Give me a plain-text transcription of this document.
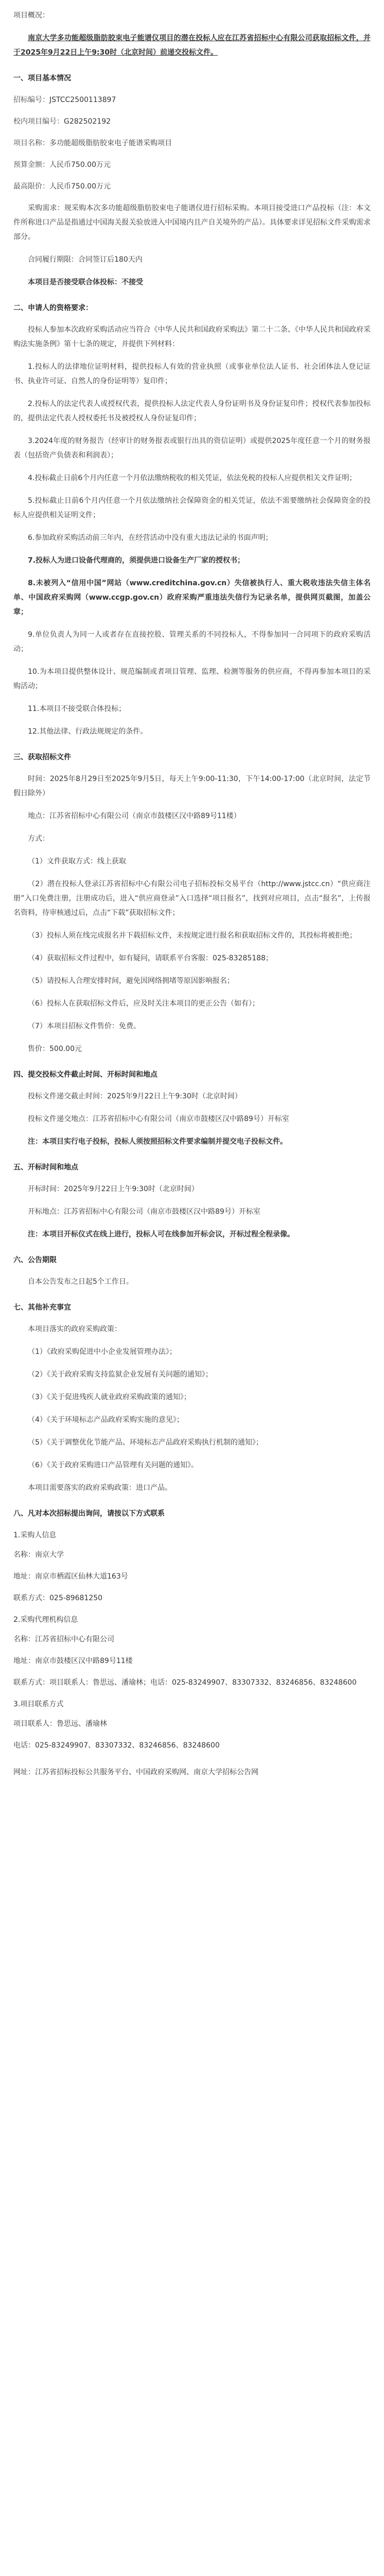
项目概况：
南京大学多功能超级脂肪胶束电子能谱仪项目的潜在投标人应在江苏省招标中心有限公司获取招标文件，并于2025年9月22日上午9:30时（北京时间）前递交投标文件。
一、项目基本情况
招标编号：JSTCC2500113897
校内项目编号：G282502192
项目名称：多功能超级脂肪胶束电子能谱采购项目
预算金额：人民币750.00万元
最高限价：人民币750.00万元
采购需求：规采购本次多功能超级脂肪胶束电子能谱仪进行招标采购。本项目接受进口产品投标（注：本文件所称进口产品是指通过中国海关报关验放进入中国境内且产自关境外的产品）。具体要求详见招标文件采购需求部分。
合同履行期限：合同签订后180天内
本项目是否接受联合体投标：不接受
二、申请人的资格要求：
投标人参加本次政府采购活动应当符合《中华人民共和国政府采购法》第二十二条、《中华人民共和国政府采购法实施条例》第十七条的规定，并提供下列材料：
1.投标人的法律地位证明材料，提供投标人有效的营业执照（或事业单位法人证书、社会团体法人登记证书、执业许可证、自然人的身份证明等）复印件；
2.投标人的法定代表人或授权代表，提供投标人法定代表人身份证明书及身份证复印件；授权代表参加投标的，提供法定代表人授权委托书及被授权人身份证复印件；
3.2024年度的财务报告（经审计的财务报表或银行出具的资信证明）或提供2025年度任意一个月的财务报表（包括资产负债表和利润表）；
4.投标截止日前6个月内任意一个月依法缴纳税收的相关凭证，依法免税的投标人应提供相关文件证明；
5.投标截止日前6个月内任意一个月依法缴纳社会保障资金的相关凭证，依法不需要缴纳社会保障资金的投标人应提供相关证明文件；
6.参加政府采购活动前三年内，在经营活动中没有重大违法记录的书面声明；
7.投标人为进口设备代理商的，须提供进口设备生产厂家的授权书；
8.未被列入“信用中国”网站（www.creditchina.gov.cn）失信被执行人、重大税收违法失信主体名单、中国政府采购网（www.ccgp.gov.cn）政府采购严重违法失信行为记录名单，提供网页截图，加盖公章；
9.单位负责人为同一人或者存在直接控股、管理关系的不同投标人，不得参加同一合同项下的政府采购活动；
10.为本项目提供整体设计、规范编制或者项目管理、监理、检测等服务的供应商，不得再参加本项目的采购活动；
11.本项目不接受联合体投标；
12.其他法律、行政法规规定的条件。
三、获取招标文件
时间：2025年8月29日至2025年9月5日，每天上午9:00-11:30，下午14:00-17:00（北京时间，法定节假日除外）
地点：江苏省招标中心有限公司（南京市鼓楼区汉中路89号11楼）
方式：
（1）文件获取方式：线上获取
（2）潜在投标人登录江苏省招标中心有限公司电子招标投标交易平台（http://www.jstcc.cn）“供应商注册”入口免费注册，注册成功后，进入“供应商登录”入口选择“项目报名”，找到对应项目，点击“报名”，上传报名资料，待审核通过后，点击“下载”获取招标文件；
（3）投标人须在线完成报名并下载招标文件，未按规定进行报名和获取招标文件的，其投标将被拒绝；
（4）获取招标文件过程中，如有疑问，请联系平台客服：025-83285188；
（5）请投标人合理安排时间，避免因网络拥堵等原因影响报名；
（6）投标人在获取招标文件后，应及时关注本项目的更正公告（如有）；
（7）本项目招标文件售价：免费。
售价：500.00元
四、提交投标文件截止时间、开标时间和地点
投标文件递交截止时间：2025年9月22日上午9:30时（北京时间）
投标文件递交地点：江苏省招标中心有限公司（南京市鼓楼区汉中路89号）开标室
注：本项目实行电子投标，投标人须按照招标文件要求编制并提交电子投标文件。
五、开标时间和地点
开标时间：2025年9月22日上午9:30时（北京时间）
开标地点：江苏省招标中心有限公司（南京市鼓楼区汉中路89号）开标室
注：本项目开标仪式在线上进行，投标人可在线参加开标会议，开标过程全程录像。
六、公告期限
自本公告发布之日起5个工作日。
七、其他补充事宜
本项目落实的政府采购政策：
（1）《政府采购促进中小企业发展管理办法》；
（2）《关于政府采购支持监狱企业发展有关问题的通知》；
（3）《关于促进残疾人就业政府采购政策的通知》；
（4）《关于环境标志产品政府采购实施的意见》；
（5）《关于调整优化节能产品、环境标志产品政府采购执行机制的通知》；
（6）《关于政府采购进口产品管理有关问题的通知》。
本项目需要落实的政府采购政策：进口产品。
八、凡对本次招标提出询问，请按以下方式联系
1.采购人信息
名称：南京大学
地址：南京市栖霞区仙林大道163号
联系方式：025-89681250
2.采购代理机构信息
名称：江苏省招标中心有限公司
地址：南京市鼓楼区汉中路89号11楼
联系方式：项目联系人：鲁思远、潘瑜林；电话：025-83249907、83307332、83246856、83248600
3.项目联系方式
项目联系人：鲁思远、潘瑜林
电话：025-83249907、83307332、83246856、83248600
网址：江苏省招标投标公共服务平台、中国政府采购网、南京大学招标公告网
